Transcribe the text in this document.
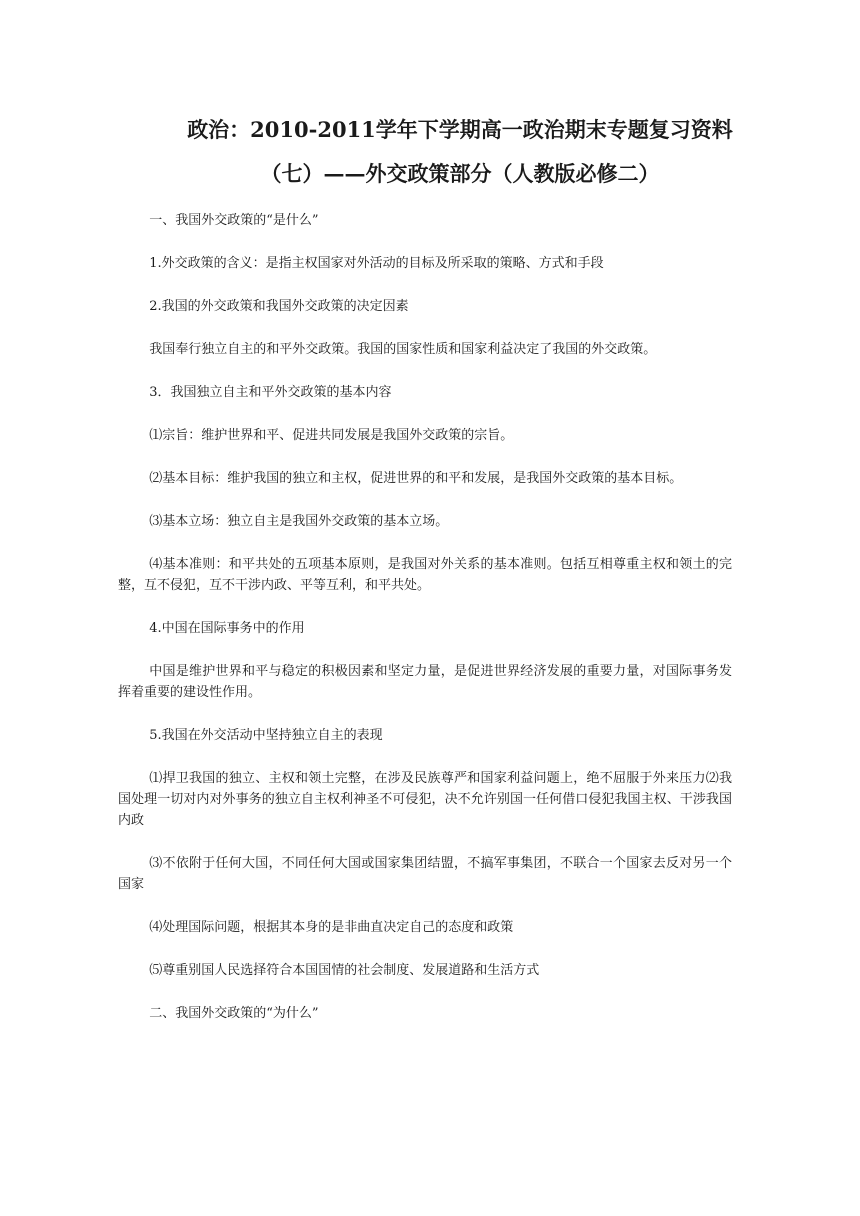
政治：2010-2011学年下学期高一政治期末专题复习资料
（七）——外交政策部分（人教版必修二）

一、我国外交政策的“是什么”

1.外交政策的含义：是指主权国家对外活动的目标及所采取的策略、方式和手段

2.我国的外交政策和我国外交政策的决定因素

我国奉行独立自主的和平外交政策。我国的国家性质和国家利益决定了我国的外交政策。

3．我国独立自主和平外交政策的基本内容

⑴宗旨：维护世界和平、促进共同发展是我国外交政策的宗旨。

⑵基本目标：维护我国的独立和主权，促进世界的和平和发展，是我国外交政策的基本目标。

⑶基本立场：独立自主是我国外交政策的基本立场。

⑷基本准则：和平共处的五项基本原则，是我国对外关系的基本准则。包括互相尊重主权和领土的完整，互不侵犯，互不干涉内政、平等互利，和平共处。

4.中国在国际事务中的作用

中国是维护世界和平与稳定的积极因素和坚定力量，是促进世界经济发展的重要力量，对国际事务发挥着重要的建设性作用。

5.我国在外交活动中坚持独立自主的表现

⑴捍卫我国的独立、主权和领土完整，在涉及民族尊严和国家利益问题上，绝不屈服于外来压力⑵我国处理一切对内对外事务的独立自主权利神圣不可侵犯，决不允许别国一任何借口侵犯我国主权、干涉我国内政

⑶不依附于任何大国，不同任何大国或国家集团结盟，不搞军事集团，不联合一个国家去反对另一个国家

⑷处理国际问题，根据其本身的是非曲直决定自己的态度和政策

⑸尊重别国人民选择符合本国国情的社会制度、发展道路和生活方式

二、我国外交政策的“为什么”
